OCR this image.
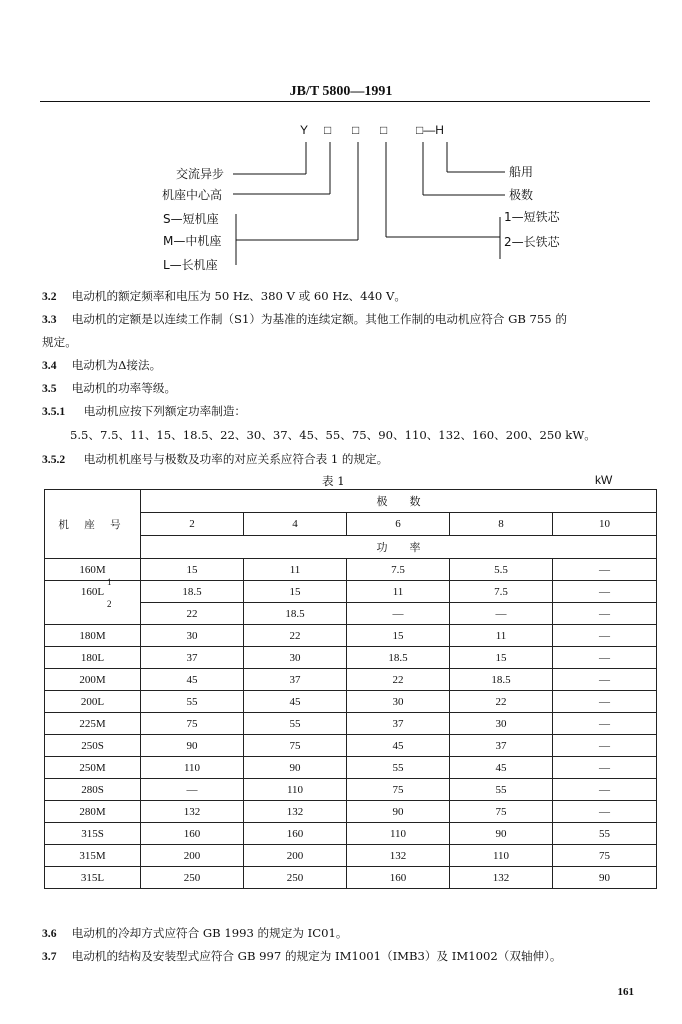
JB/T 5800—1991
Y □ □ □ □—H
交流异步
机座中心高
S—短机座
M—中机座
L—长机座
船用
极数
1—短铁芯
2—长铁芯
3.2 电动机的额定频率和电压为 50 Hz、380 V 或 60 Hz、440 V。
3.3 电动机的定额是以连续工作制（S1）为基准的连续定额。其他工作制的电动机应符合 GB 755 的
规定。
3.4 电动机为Δ接法。
3.5 电动机的功率等级。
3.5.1 电动机应按下列额定功率制造：
5.5、7.5、11、15、18.5、22、30、37、45、55、75、90、110、132、160、200、250 kW。
3.5.2 电动机机座号与极数及功率的对应关系应符合表 1 的规定。
表 1	kW
机 座 号	极　　数				
	2	4	6	8	10
	功　　率				
160M	15	11	7.5	5.5	—
160L
1	18.5	15	11	7.5	—

2	22	18.5	—	—	—
180M	30	22	15	11	—
180L	37	30	18.5	15	—
200M	45	37	22	18.5	—
200L	55	45	30	22	—
225M	75	55	37	30	—
250S	90	75	45	37	—
250M	110	90	55	45	—
280S	—	110	75	55	—
280M	132	132	90	75	—
315S	160	160	110	90	55
315M	200	200	132	110	75
315L	250	250	160	132	90
3.6 电动机的冷却方式应符合 GB 1993 的规定为 IC01。
3.7 电动机的结构及安装型式应符合 GB 997 的规定为 IM1001（IMB3）及 IM1002（双轴伸）。
161
